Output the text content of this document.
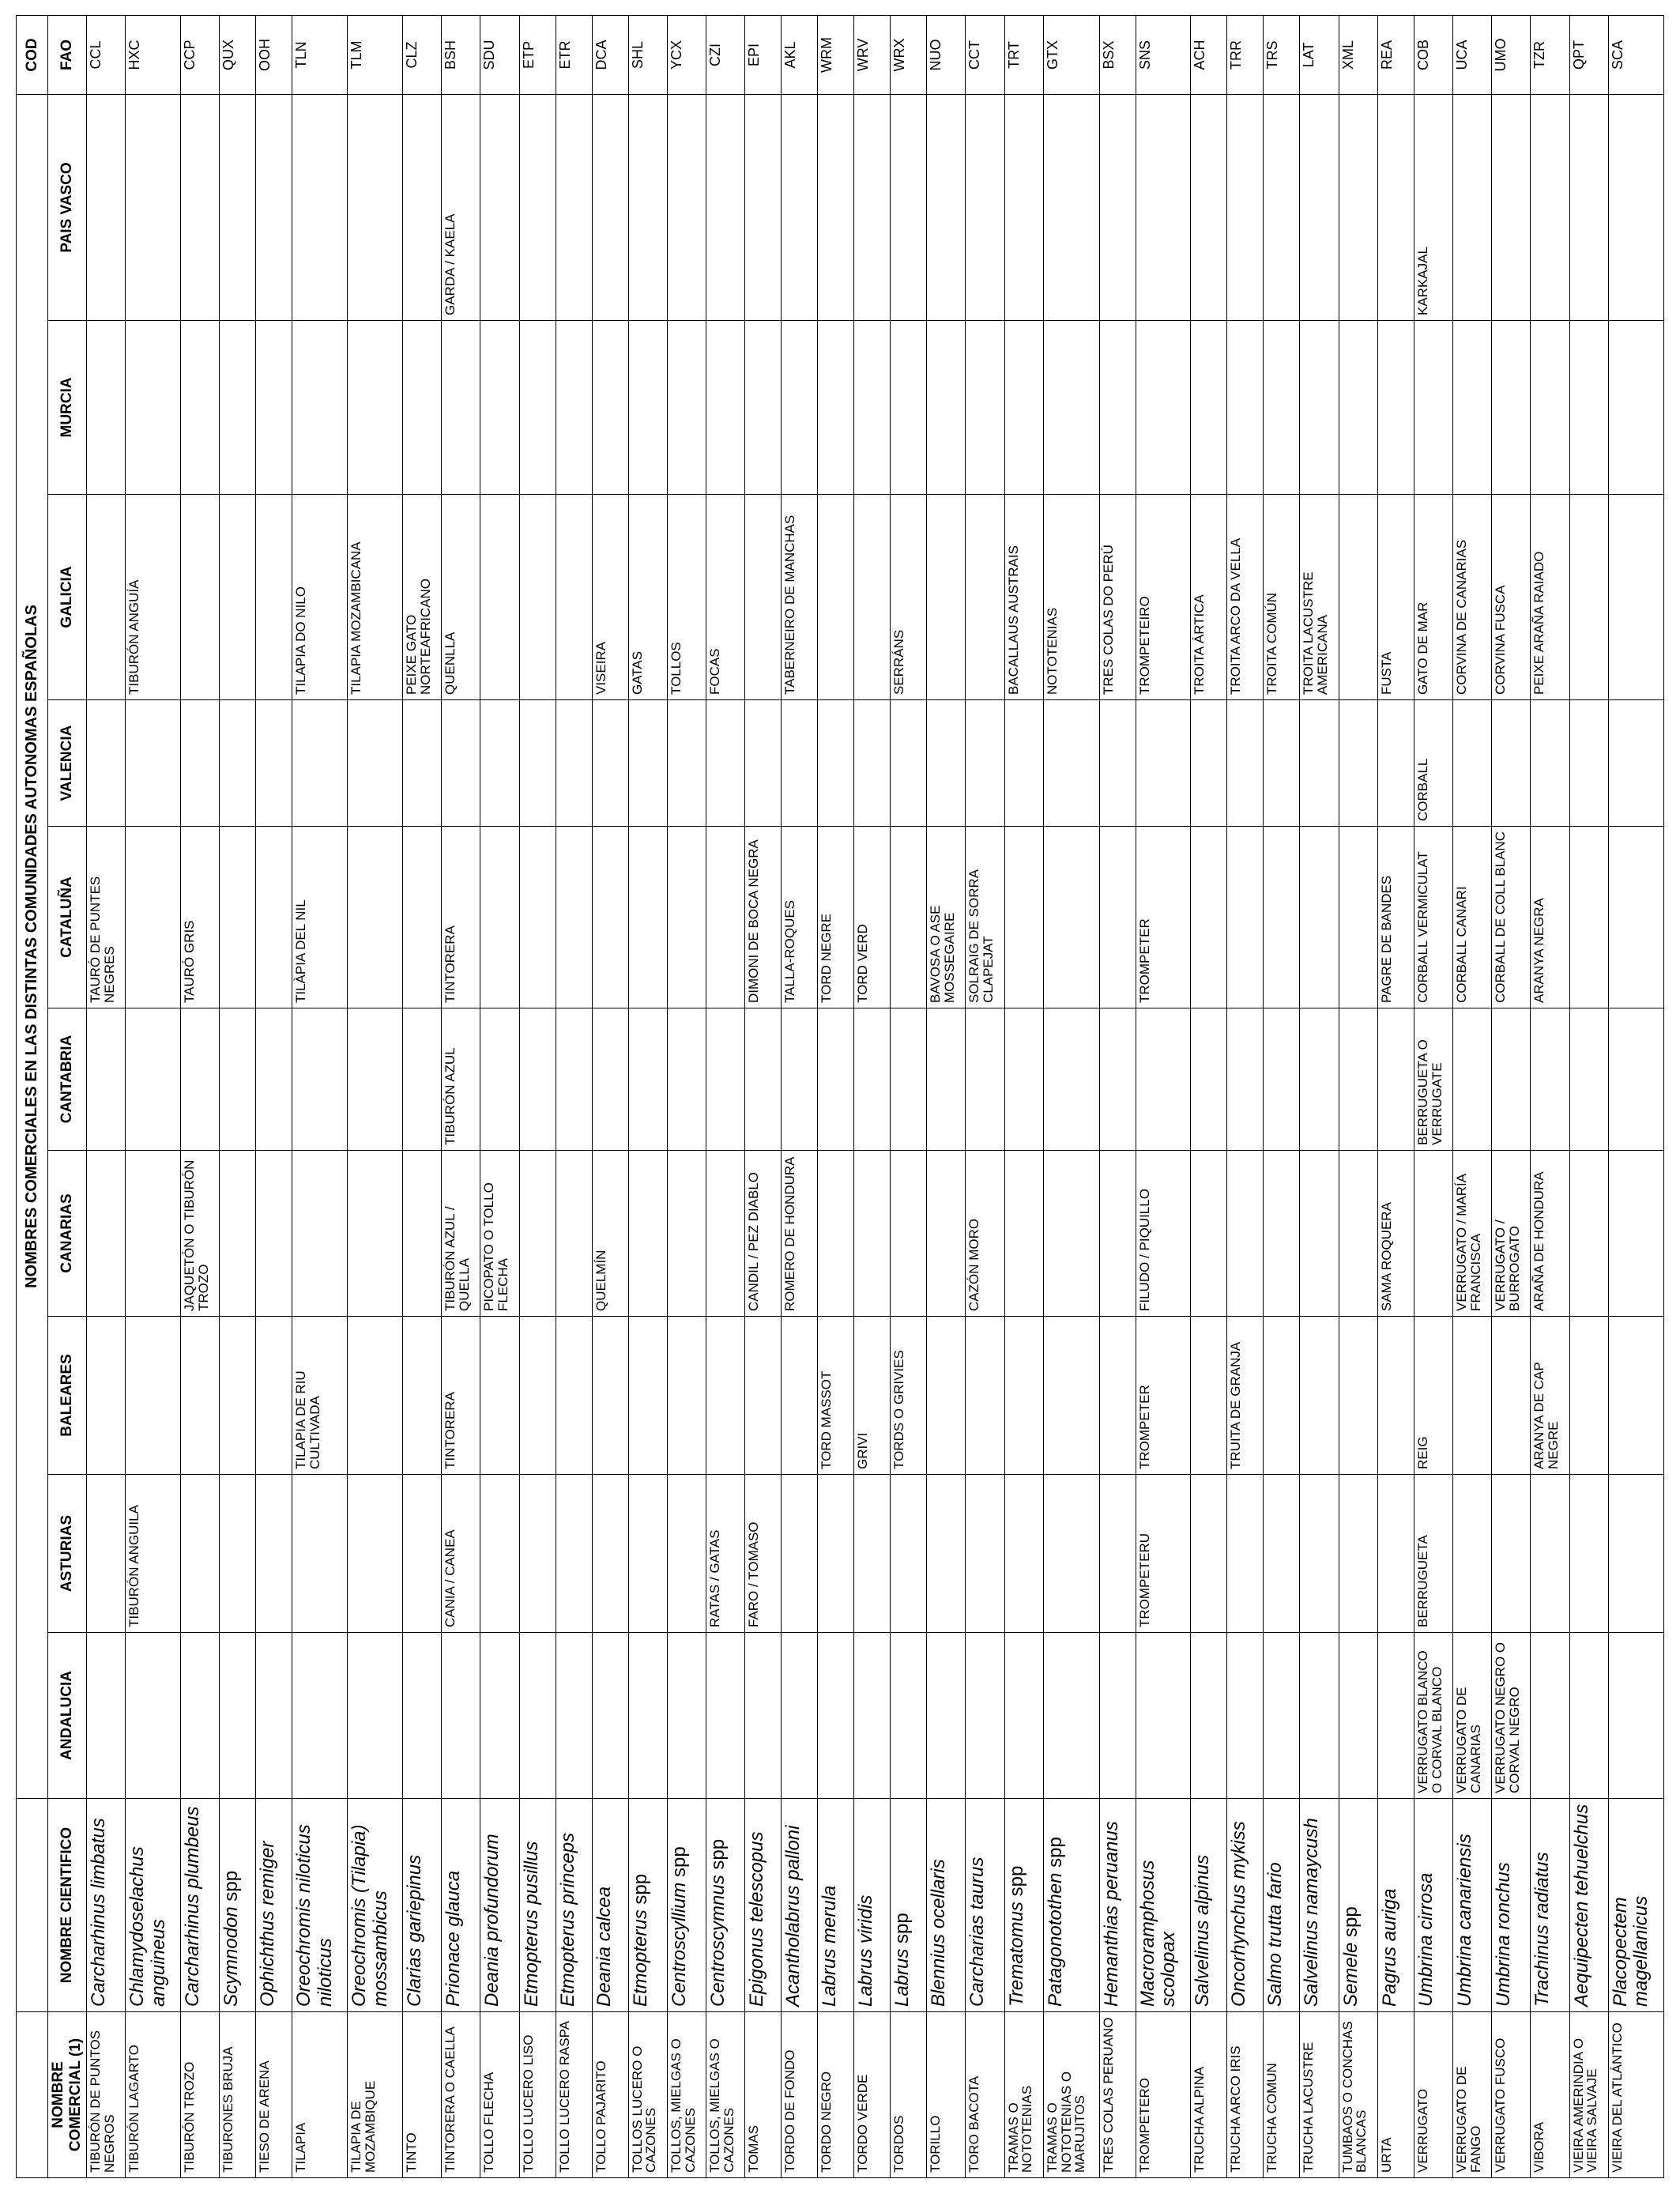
		NOMBRES COMERCIALES EN LAS DISTINTAS COMUNIDADES AUTONOMAS ESPAÑOLAS										COD
NOMBRE COMERCIAL (1)	NOMBRE CIENTIFICO	ANDALUCIA	ASTURIAS	BALEARES	CANARIAS	CANTABRIA	CATALUÑA	VALENCIA	GALICIA	MURCIA	PAIS VASCO	FAO
TIBURÓN DE PUNTOS NEGROS	Carcharhinus limbatus						TAURÓ DE PUNTES NEGRES					CCL
TIBURÓN LAGARTO	Chlamydoselachus anguineus		TIBURÓN ANGUILA						TIBURÓN ANGUÍA			HXC
TIBURÓN TROZO	Carcharhinus plumbeus				JAQUETÓN O TIBURÓN TROZO		TAURÓ GRIS					CCP
TIBURONES BRUJA	Scymnodon spp											QUX
TIESO DE ARENA	Ophichthus remiger											OOH
TILAPIA	Oreochromis niloticus niloticus			TILAPIA DE RIU CULTIVADA			TILÀPIA DEL NIL		TILAPIA DO NILO			TLN
TILAPIA DE MOZAMBIQUE	Oreochromis (Tilapia) mossambicus								TILAPIA MOZAMBICANA			TLM
TINTO	Clarias gariepinus								PEIXE GATO NORTEAFRICANO			CLZ
TINTORERA O CAELLA	Prionace glauca		CANIA / CANEA	TINTORERA	TIBURÓN AZUL / QUELLA	TIBURÓN AZUL	TINTORERA		QUENLLA		GARDA / KAELA	BSH
TOLLO FLECHA	Deania profundorum				PICOPATO O TOLLO FLECHA							SDU
TOLLO LUCERO LISO	Etmopterus pusillus											ETP
TOLLO LUCERO RASPA	Etmopterus princeps											ETR
TOLLO PAJARITO	Deania calcea				QUELMÍN				VISEIRA			DCA
TOLLOS LUCERO O CAZONES	Etmopterus spp								GATAS			SHL
TOLLOS, MIELGAS O CAZONES	Centroscyllium spp								TOLLOS			YCX
TOLLOS, MIELGAS O CAZONES	Centroscymnus spp		RATAS / GATAS						FOCAS			CZI
TOMAS	Epigonus telescopus		FARO / TOMASO		CANDIL / PEZ DIABLO		DIMONI DE BOCA NEGRA					EPI
TORDO DE FONDO	Acantholabrus palloni				ROMERO DE HONDURA		TALLA-ROQUES		TABERNEIRO DE MANCHAS			AKL
TORDO NEGRO	Labrus merula			TORD MASSOT			TORD NEGRE					WRM
TORDO VERDE	Labrus viridis			GRIVI			TORD VERD					WRV
TORDOS	Labrus spp			TORDS O GRIVIES					SERRÁNS			WRX
TORILLO	Blennius ocellaris						BAVOSA O ASE MOSSEGAIRE					NUO
TORO BACOTA	Carcharias taurus				CAZÓN MORO		SOLRAIG DE SORRA CLAPEJAT					CCT
TRAMAS O NOTOTENIAS	Trematomus spp								BACALLAUS AUSTRAIS			TRT
TRAMAS O NOTOTENIAS O MARUJITOS	Patagonotothen spp								NOTOTENIAS			GTX
TRES COLAS PERUANO	Hemanthias peruanus								TRES COLAS DO PERÚ			BSX
TROMPETERO	Macroramphosus scolopax		TROMPETERU	TROMPETER	FILUDO / PIQUILLO		TROMPETER		TROMPETEIRO			SNS
TRUCHA ALPINA	Salvelinus alpinus								TROITA ÁRTICA			ACH
TRUCHA ARCO IRIS	Oncorhynchus mykiss			TRUITA DE GRANJA					TROITA ARCO DA VELLA			TRR
TRUCHA COMUN	Salmo trutta fario								TROITA COMÚN			TRS
TRUCHA LACUSTRE	Salvelinus namaycush								TROITA LACUSTRE AMERICANA			LAT
TUMBAOS O CONCHAS BLANCAS	Semele spp											XML
URTA	Pagrus auriga				SAMA ROQUERA		PAGRE DE BANDES		FUSTA			REA
VERRUGATO	Umbrina cirrosa	VERRUGATO BLANCO O CORVAL BLANCO	BERRUGUETA	REIG		BERRUGUETA O VERRUGATE	CORBALL VERMICULAT	CORBALL	GATO DE MAR		KARKAJAL	COB
VERRUGATO DE FANGO	Umbrina canariensis	VERRUGATO DE CANARIAS			VERRUGATO / MARÍA FRANCISCA		CORBALL CANARI		CORVINA DE CANARIAS			UCA
VERRUGATO FUSCO	Umbrina ronchus	VERRUGATO NEGRO O CORVAL NEGRO			VERRUGATO / BURROGATO		CORBALL DE COLL BLANC		CORVINA FUSCA			UMO
VIBORA	Trachinus radiatus			ARANYA DE CAP NEGRE	ARAÑA DE HONDURA		ARANYA NEGRA		PEIXE ARAÑA RAIADO			TZR
VIEIRA AMERINDIA O VIEIRA SALVAJE	Aequipecten tehuelchus											QPT
VIEIRA DEL ATLÁNTICO	Placopectem magellanicus											SCA
